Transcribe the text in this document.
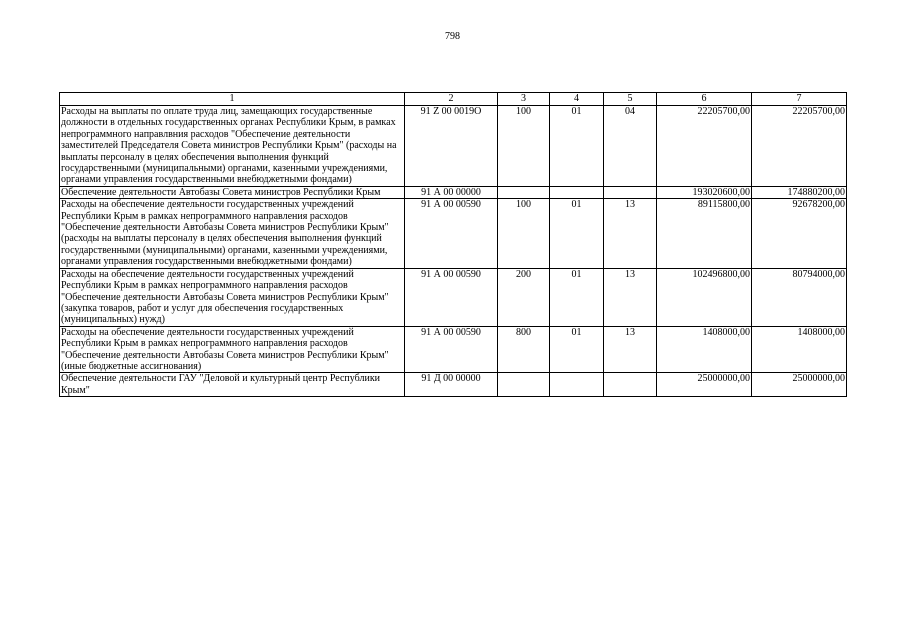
798
1	2	3	4	5	6	7
Расходы на выплаты по оплате труда лиц, замещающих государственные должности в отдельных государственных органах Республики Крым, в рамках непрограммного направлвния расходов "Обеспечение деятельности заместителей Председателя Совета министров Республики Крым" (расходы на выплаты персоналу в целях обеспечения выполнения функций государственными (муниципальными) органами, казенными учреждениями, органами управления государственными внебюджетными фондами)	91 Z 00 0019О	100	01	04	22205700,00	22205700,00
Обеспечение деятельности Автобазы Совета министров Республики Крым	91 А 00 00000				193020600,00	174880200,00
Расходы на обеспечение деятельности государственных учреждений Республики Крым в рамках непрограммного направления расходов "Обеспечение деятельности Автобазы Совета министров Республики Крым" (расходы на выплаты персоналу в целях обеспечения выполнения функций государственными (муниципальными) органами, казенными учреждениями, органами управления государственными внебюджетными фондами)	91 А 00 00590	100	01	13	89115800,00	92678200,00
Расходы на обеспечение деятельности государственных учреждений Республики Крым в рамках непрограммного направления расходов "Обеспечение деятельности Автобазы Совета министров Республики Крым" (закупка товаров, работ и услуг для обеспечения государственных (муниципальных) нужд)	91 А 00 00590	200	01	13	102496800,00	80794000,00
Расходы на обеспечение деятельности государственных учреждений Республики Крым в рамках непрограммного направления расходов "Обеспечение деятельности Автобазы Совета министров Республики Крым" (иные бюджетные ассигнования)	91 А 00 00590	800	01	13	1408000,00	1408000,00
Обеспечение деятельности ГАУ "Деловой и культурный центр Республики Крым"	91 Д 00 00000				25000000,00	25000000,00
